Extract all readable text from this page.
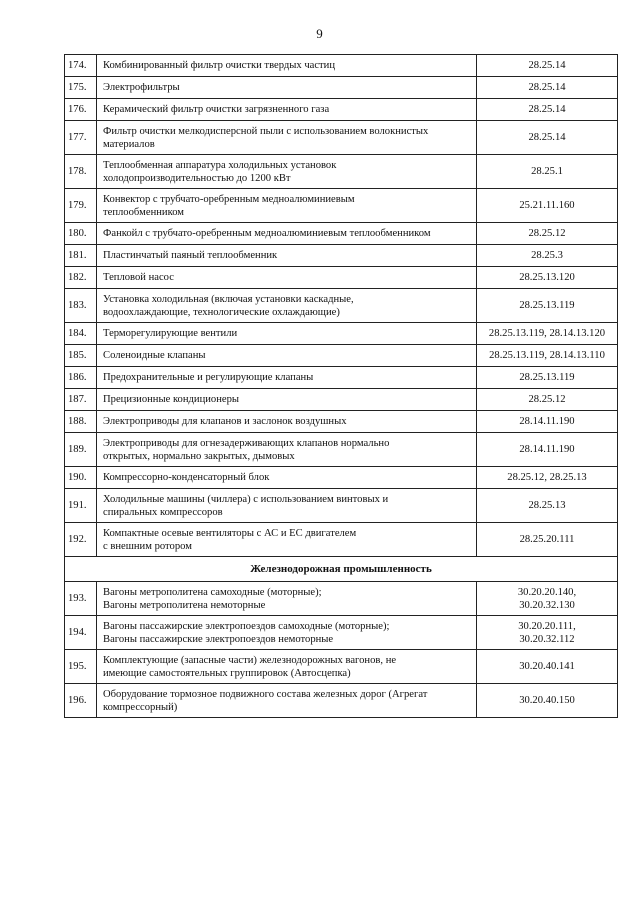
9
174.	Комбинированный фильтр очистки твердых частиц	28.25.14

175.	Электрофильтры	28.25.14

176.	Керамический фильтр очистки загрязненного газа	28.25.14

177.	Фильтр очистки мелкодисперсной пыли с использованием волокнистых
материалов	28.25.14

178.	Теплообменная аппаратура холодильных установок
холодопроизводительностью до 1200 кВт	28.25.1

179.	Конвектор с трубчато-оребренным медноалюминиевым
теплообменником	25.21.11.160

180.	Фанкойл с трубчато-оребренным медноалюминиевым теплообменником	28.25.12

181.	Пластинчатый паяный теплообменник	28.25.3

182.	Тепловой насос	28.25.13.120

183.	Установка холодильная (включая установки каскадные,
водоохлаждающие, технологические охлаждающие)	28.25.13.119

184.	Терморегулирующие вентили	28.25.13.119, 28.14.13.120

185.	Соленоидные клапаны	28.25.13.119, 28.14.13.110

186.	Предохранительные и регулирующие клапаны	28.25.13.119

187.	Прецизионные кондиционеры	28.25.12

188.	Электроприводы для клапанов и заслонок воздушных	28.14.11.190

189.	Электроприводы для огнезадерживающих клапанов нормально
открытых, нормально закрытых, дымовых	28.14.11.190

190.	Компрессорно-конденсаторный блок	28.25.12, 28.25.13

191.	Холодильные машины (чиллера) с использованием винтовых и
спиральных компрессоров	28.25.13

192.	Компактные осевые вентиляторы с АС и ЕС двигателем
с внешним ротором	28.25.20.111

Железнодорожная промышленность		
193.	Вагоны метрополитена самоходные (моторные);
Вагоны метрополитена немоторные	30.20.20.140,
30.20.32.130

194.	Вагоны пассажирские электропоездов самоходные (моторные);
Вагоны пассажирские электропоездов немоторные	30.20.20.111,
30.20.32.112

195.	Комплектующие (запасные части) железнодорожных вагонов, не
имеющие самостоятельных группировок (Автосцепка)	30.20.40.141

196.	Оборудование тормозное подвижного состава железных дорог (Агрегат
компрессорный)	30.20.40.150
